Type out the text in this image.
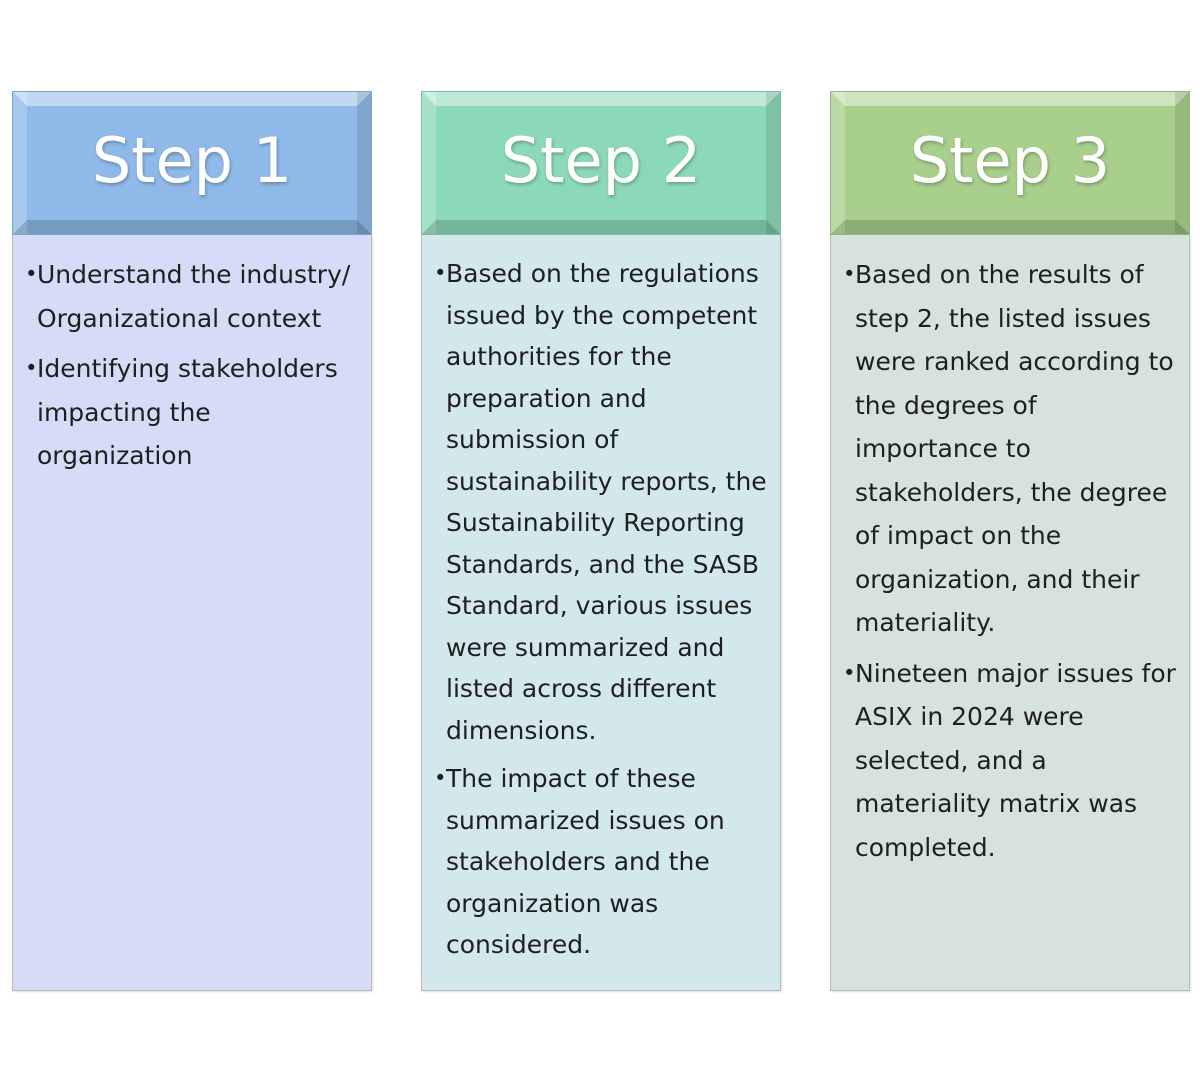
Step 1
• Understand the industry/ Organizational context
• Identifying stakeholders impacting the organization
Step 2
• Based on the regulations issued by the competent authorities for the preparation and submission of sustainability reports, the Sustainability Reporting Standards, and the SASB Standard, various issues were summarized and listed across different dimensions.
• The impact of these summarized issues on stakeholders and the organization was considered.
Step 3
• Based on the results of step 2, the listed issues were ranked according to the degrees of importance to stakeholders, the degree of impact on the organization, and their materiality.
• Nineteen major issues for ASIX in 2024 were selected, and a materiality matrix was completed.
